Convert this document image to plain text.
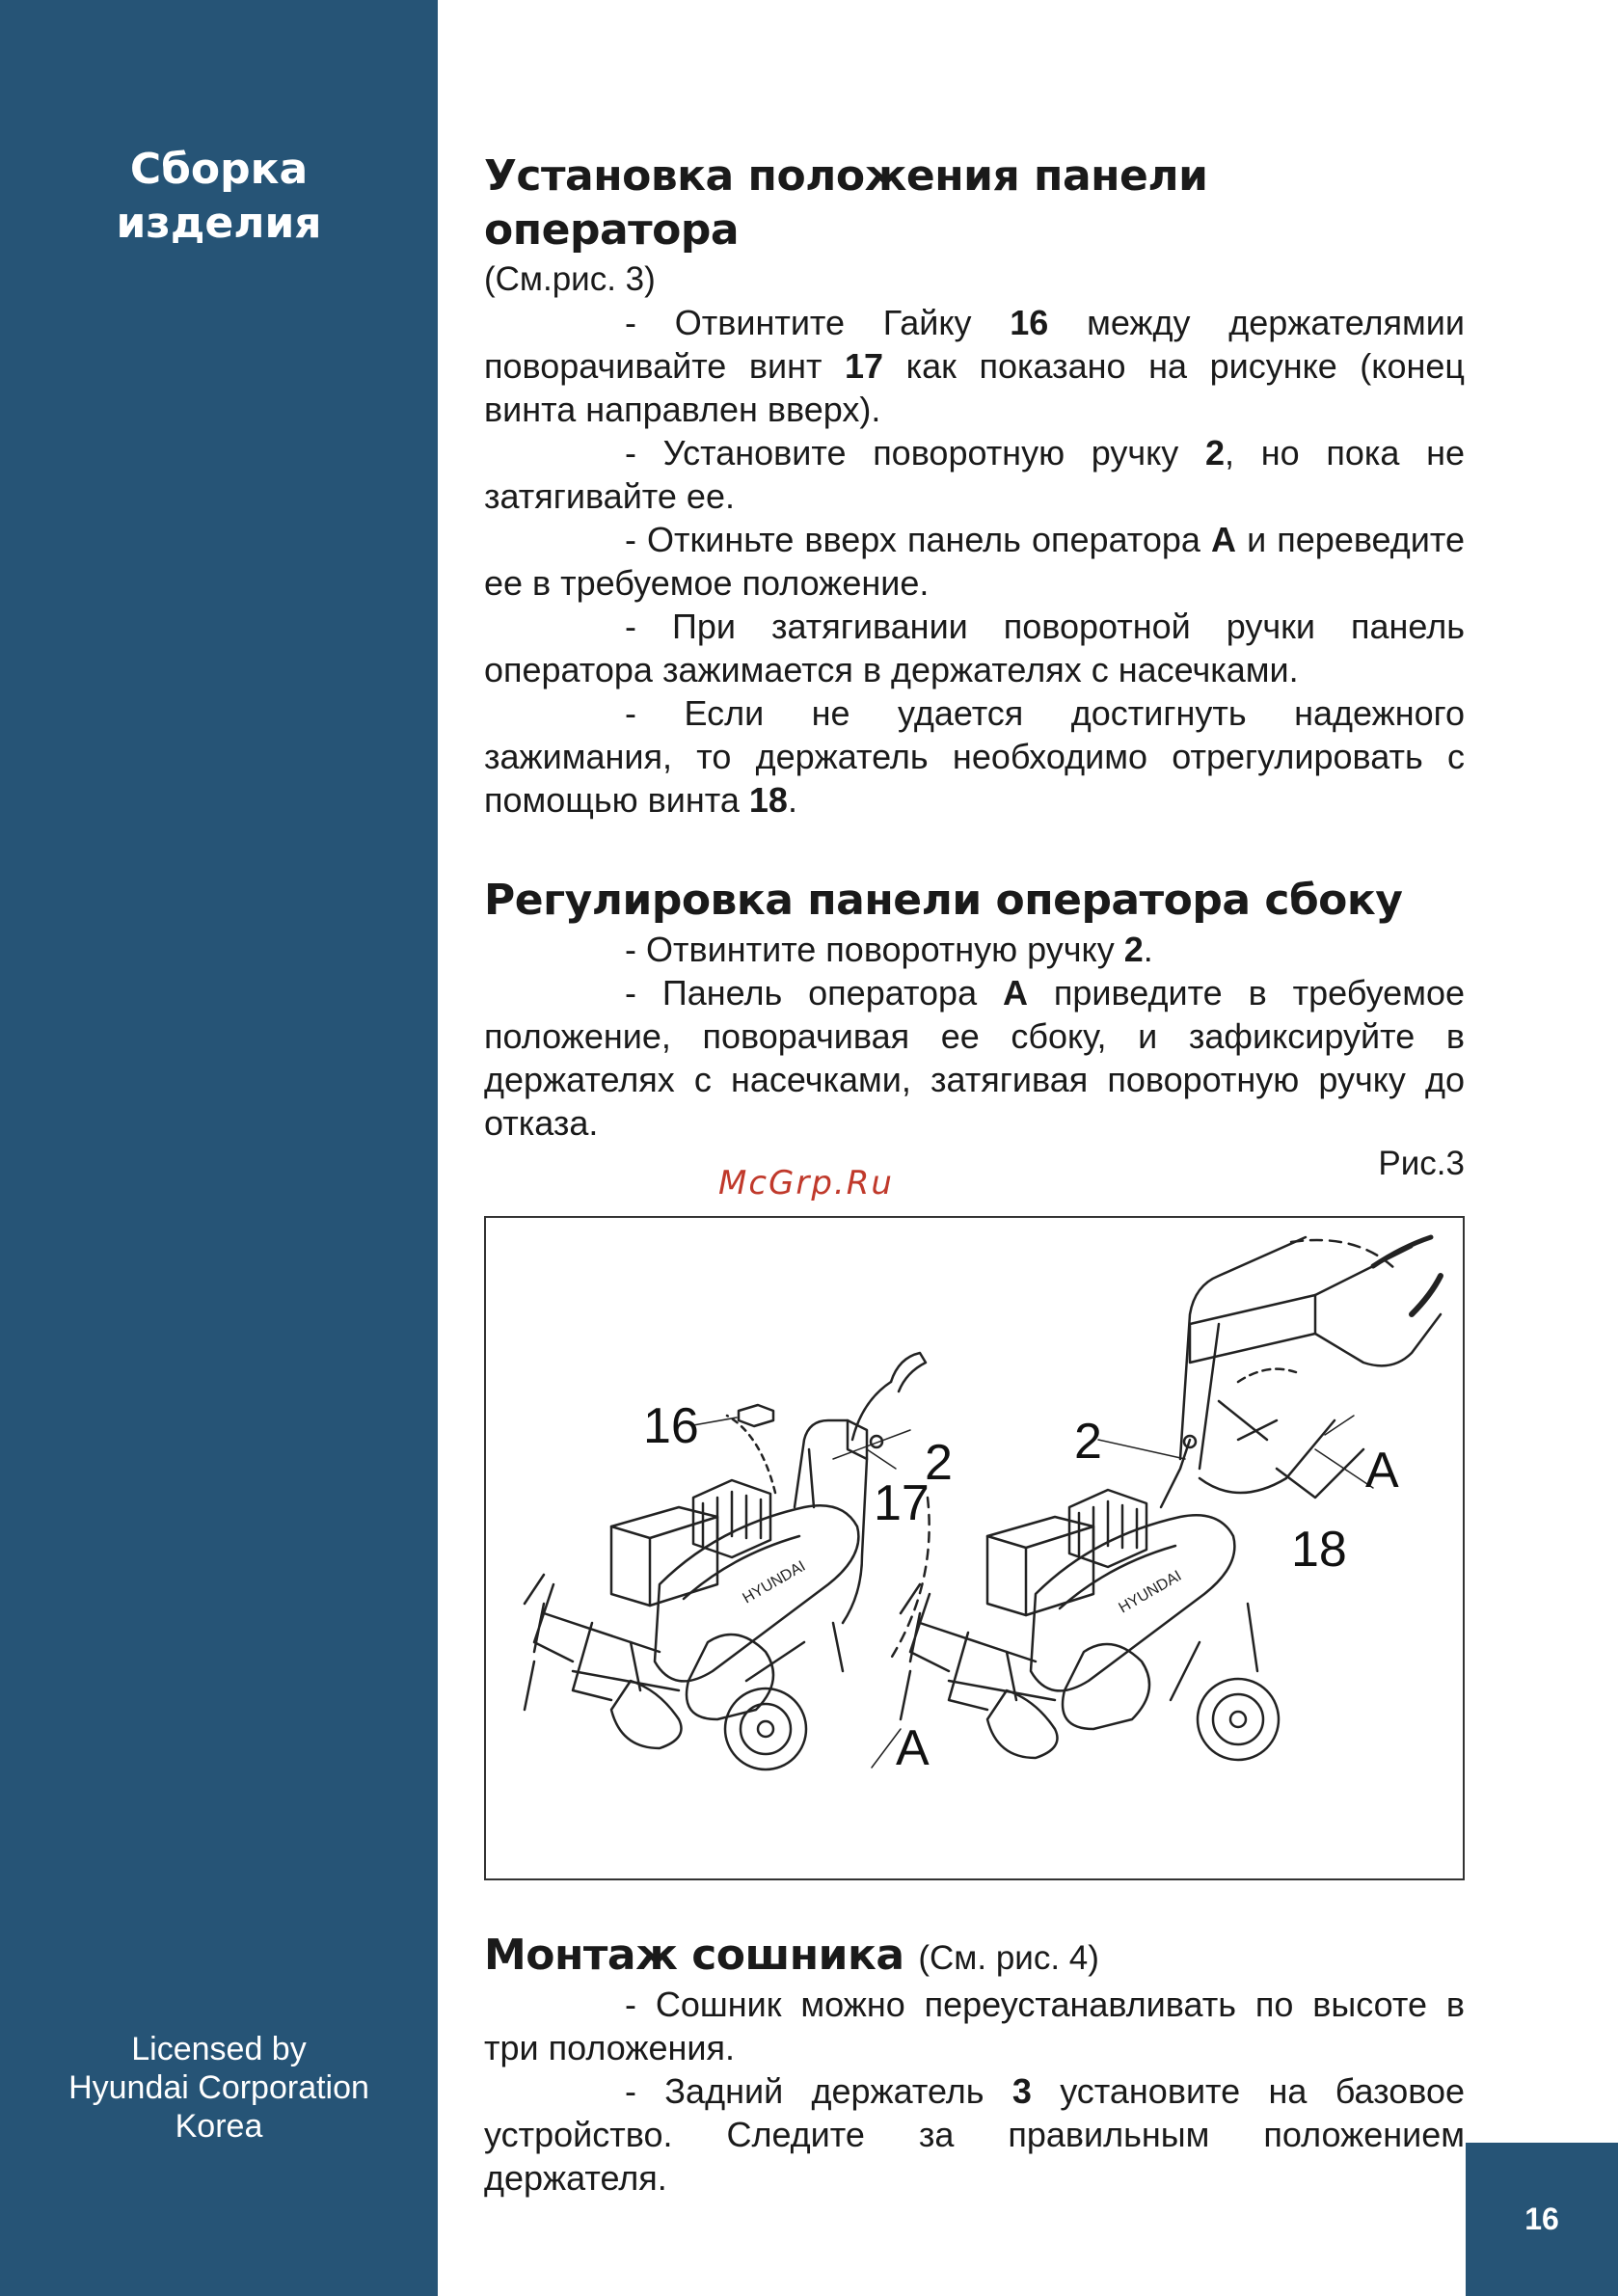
Сборка
изделия
Licensed by
Hyundai Corporation
Korea
16
Установка положения панели оператора
(См.рис. 3)

- Отвинтите Гайку 16 между держателямии поворачивайте винт 17 как показано на рисунке (конец винта направлен вверх).

- Установите поворотную ручку 2, но пока не затягивайте ее.

- Откиньте вверх панель оператора A и переведите ее в требуемое положение.

- При затягивании поворотной ручки панель оператора зажимается в держателях с насечками.

- Если не удается достигнуть надежного зажимания, то держатель необходимо отрегулировать с помощью винта 18.

Регулировка панели оператора сбоку

- Отвинтите поворотную ручку 2.

- Панель оператора A приведите в требуемое положение, поворачивая ее сбоку, и зафиксируйте в держателях с насечками, затягивая поворотную ручку до отказа.

McGrp.Ru
Рис.3
HYUNDAI	HYUNDAI
16
17
2
A
2
A
18
Монтаж сошника (См. рис. 4)

- Сошник можно переустанавливать по высоте в три положения.

- Задний держатель 3 установите на базовое устройство. Следите за правильным положением держателя.
